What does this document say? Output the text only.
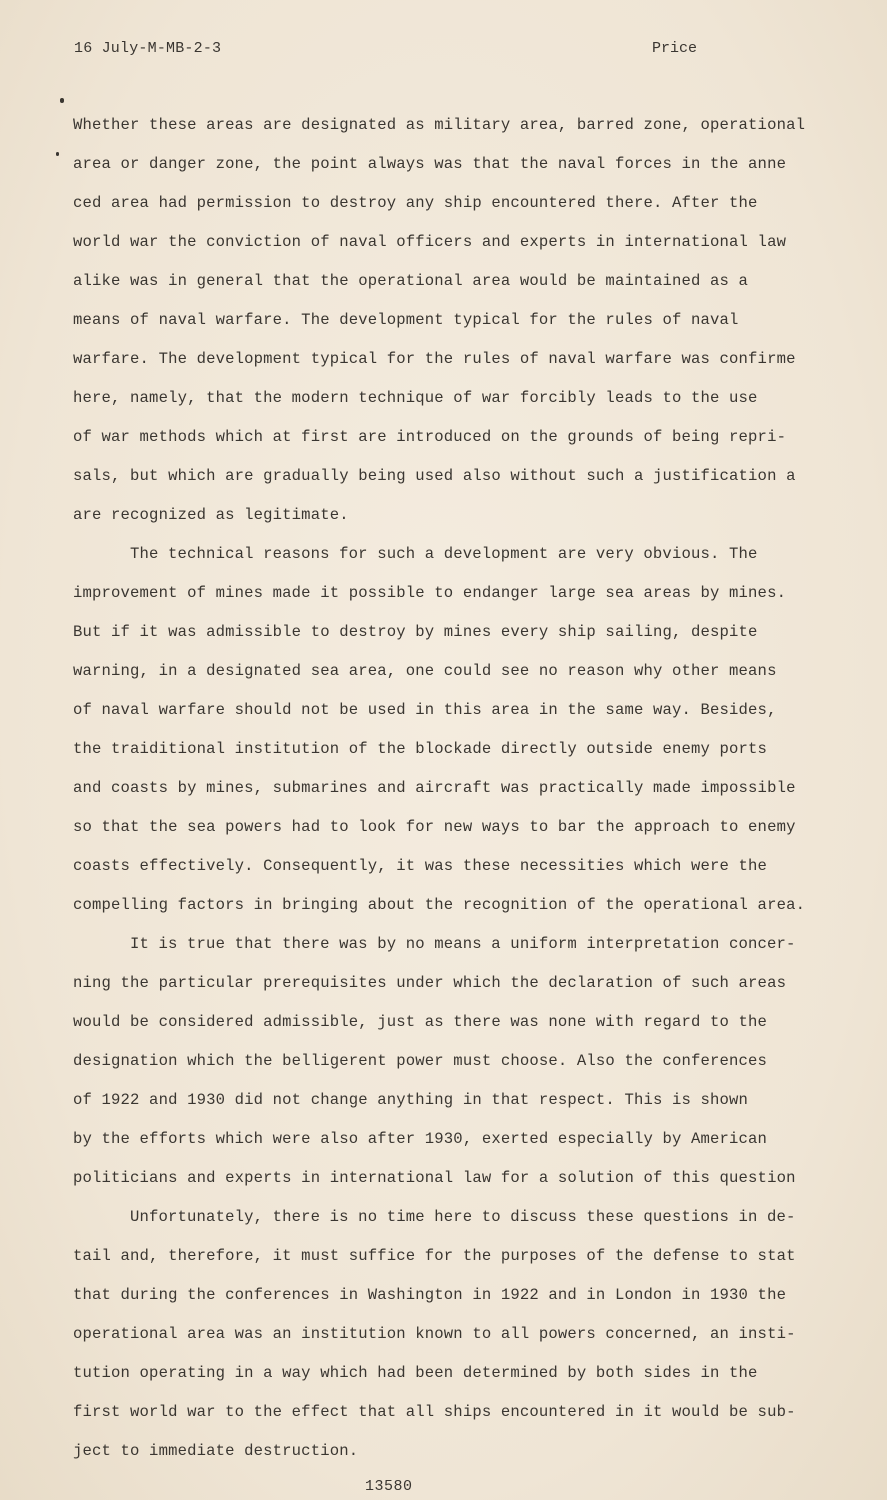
16 July-M-MB-2-3	Price
Whether these areas are designated as military area, barred zone, operational
area or danger zone, the point always was that the naval forces in the anne
ced area had permission to destroy any ship encountered there. After the
world war the conviction of naval officers and experts in international law
alike was in general that the operational area would be maintained as a
means of naval warfare. The development typical for the rules of naval
warfare. The development typical for the rules of naval warfare was confirme
here, namely, that the modern technique of war forcibly leads to the use
of war methods which at first are introduced on the grounds of being repri-
sals, but which are gradually being used also without such a justification a
are recognized as legitimate.
The technical reasons for such a development are very obvious. The
improvement of mines made it possible to endanger large sea areas by mines.
But if it was admissible to destroy by mines every ship sailing, despite
warning, in a designated sea area, one could see no reason why other means
of naval warfare should not be used in this area in the same way. Besides,
the traiditional institution of the blockade directly outside enemy ports
and coasts by mines, submarines and aircraft was practically made impossible
so that the sea powers had to look for new ways to bar the approach to enemy
coasts effectively. Consequently, it was these necessities which were the
compelling factors in bringing about the recognition of the operational area.
It is true that there was by no means a uniform interpretation concer-
ning the particular prerequisites under which the declaration of such areas
would be considered admissible, just as there was none with regard to the
designation which the belligerent power must choose. Also the conferences
of 1922 and 1930 did not change anything in that respect. This is shown
by the efforts which were also after 1930, exerted especially by American
politicians and experts in international law for a solution of this question
Unfortunately, there is no time here to discuss these questions in de-
tail and, therefore, it must suffice for the purposes of the defense to stat
that during the conferences in Washington in 1922 and in London in 1930 the
operational area was an institution known to all powers concerned, an insti-
tution operating in a way which had been determined by both sides in the
first world war to the effect that all ships encountered in it would be sub-
ject to immediate destruction.
13580
